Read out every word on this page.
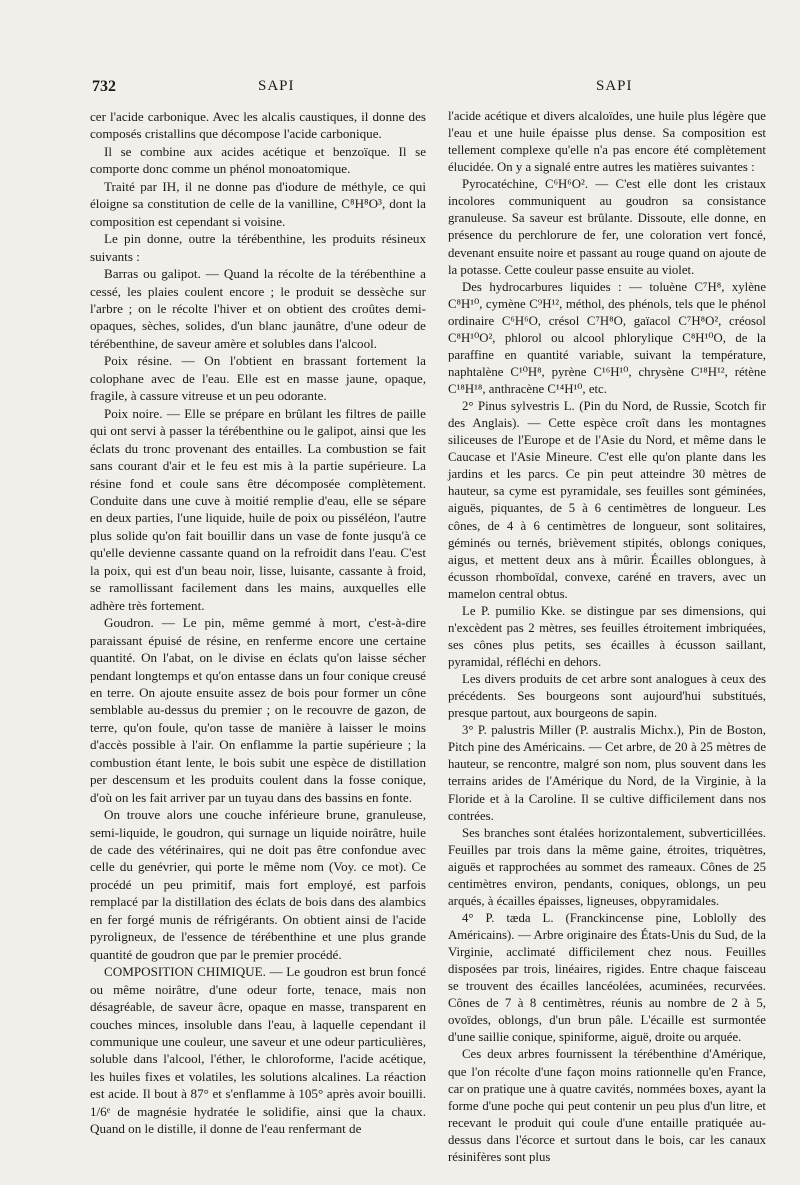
732	SAPI	SAPI

cer l'acide carbonique. Avec les alcalis caustiques, il donne des composés cristallins que décompose l'acide carbonique.

Il se combine aux acides acétique et benzoïque. Il se comporte donc comme un phénol monoatomique.

Traité par IH, il ne donne pas d'iodure de méthyle, ce qui éloigne sa constitution de celle de la vanilline, C⁸H⁸O³, dont la composition est cependant si voisine.

Le pin donne, outre la térébenthine, les produits résineux suivants :

Barras ou galipot. — Quand la récolte de la térébenthine a cessé, les plaies coulent encore ; le produit se dessèche sur l'arbre ; on le récolte l'hiver et on obtient des croûtes demi-opaques, sèches, solides, d'un blanc jaunâtre, d'une odeur de térébenthine, de saveur amère et solubles dans l'alcool.

Poix résine. — On l'obtient en brassant fortement la colophane avec de l'eau. Elle est en masse jaune, opaque, fragile, à cassure vitreuse et un peu odorante.

Poix noire. — Elle se prépare en brûlant les filtres de paille qui ont servi à passer la térébenthine ou le galipot, ainsi que les éclats du tronc provenant des entailles. La combustion se fait sans courant d'air et le feu est mis à la partie supérieure. La résine fond et coule sans être décomposée complètement. Conduite dans une cuve à moitié remplie d'eau, elle se sépare en deux parties, l'une liquide, huile de poix ou pisséléon, l'autre plus solide qu'on fait bouillir dans un vase de fonte jusqu'à ce qu'elle devienne cassante quand on la refroidit dans l'eau. C'est la poix, qui est d'un beau noir, lisse, luisante, cassante à froid, se ramollissant facilement dans les mains, auxquelles elle adhère très fortement.

Goudron. — Le pin, même gemmé à mort, c'est-à-dire paraissant épuisé de résine, en renferme encore une certaine quantité. On l'abat, on le divise en éclats qu'on laisse sécher pendant longtemps et qu'on entasse dans un four conique creusé en terre. On ajoute ensuite assez de bois pour former un cône semblable au-dessus du premier ; on le recouvre de gazon, de terre, qu'on foule, qu'on tasse de manière à laisser le moins d'accès possible à l'air. On enflamme la partie supérieure ; la combustion étant lente, le bois subit une espèce de distillation per descensum et les produits coulent dans la fosse conique, d'où on les fait arriver par un tuyau dans des bassins en fonte.

On trouve alors une couche inférieure brune, granuleuse, semi-liquide, le goudron, qui surnage un liquide noirâtre, huile de cade des vétérinaires, qui ne doit pas être confondue avec celle du genévrier, qui porte le même nom (Voy. ce mot). Ce procédé un peu primitif, mais fort employé, est parfois remplacé par la distillation des éclats de bois dans des alambics en fer forgé munis de réfrigérants. On obtient ainsi de l'acide pyroligneux, de l'essence de térébenthine et une plus grande quantité de goudron que par le premier procédé.

COMPOSITION CHIMIQUE. — Le goudron est brun foncé ou même noirâtre, d'une odeur forte, tenace, mais non désagréable, de saveur âcre, opaque en masse, transparent en couches minces, insoluble dans l'eau, à laquelle cependant il communique une couleur, une saveur et une odeur particulières, soluble dans l'alcool, l'éther, le chloroforme, l'acide acétique, les huiles fixes et volatiles, les solutions alcalines. La réaction est acide. Il bout à 87° et s'enflamme à 105° après avoir bouilli. 1/6ᵉ de magnésie hydratée le solidifie, ainsi que la chaux. Quand on le distille, il donne de l'eau renfermant de

l'acide acétique et divers alcaloïdes, une huile plus légère que l'eau et une huile épaisse plus dense. Sa composition est tellement complexe qu'elle n'a pas encore été complètement élucidée. On y a signalé entre autres les matières suivantes :

Pyrocatéchine, C⁶H⁶O². — C'est elle dont les cristaux incolores communiquent au goudron sa consistance granuleuse. Sa saveur est brûlante. Dissoute, elle donne, en présence du perchlorure de fer, une coloration vert foncé, devenant ensuite noire et passant au rouge quand on ajoute de la potasse. Cette couleur passe ensuite au violet.

Des hydrocarbures liquides : — toluène C⁷H⁸, xylène C⁸H¹⁰, cymène C⁹H¹², méthol, des phénols, tels que le phénol ordinaire C⁶H⁶O, crésol C⁷H⁸O, gaïacol C⁷H⁸O², créosol C⁸H¹⁰O², phlorol ou alcool phlorylique C⁸H¹⁰O, de la paraffine en quantité variable, suivant la température, naphtalène C¹⁰H⁸, pyrène C¹⁶H¹⁰, chrysène C¹⁸H¹², rétène C¹⁸H¹⁸, anthracène C¹⁴H¹⁰, etc.

2° Pinus sylvestris L. (Pin du Nord, de Russie, Scotch fir des Anglais). — Cette espèce croît dans les montagnes siliceuses de l'Europe et de l'Asie du Nord, et même dans le Caucase et l'Asie Mineure. C'est elle qu'on plante dans les jardins et les parcs. Ce pin peut atteindre 30 mètres de hauteur, sa cyme est pyramidale, ses feuilles sont géminées, aiguës, piquantes, de 5 à 6 centimètres de longueur. Les cônes, de 4 à 6 centimètres de longueur, sont solitaires, géminés ou ternés, brièvement stipités, oblongs coniques, aigus, et mettent deux ans à mûrir. Écailles oblongues, à écusson rhomboïdal, convexe, caréné en travers, avec un mamelon central obtus.

Le P. pumilio Kke. se distingue par ses dimensions, qui n'excèdent pas 2 mètres, ses feuilles étroitement imbriquées, ses cônes plus petits, ses écailles à écusson saillant, pyramidal, réfléchi en dehors.

Les divers produits de cet arbre sont analogues à ceux des précédents. Ses bourgeons sont aujourd'hui substitués, presque partout, aux bourgeons de sapin.

3° P. palustris Miller (P. australis Michx.), Pin de Boston, Pitch pine des Américains. — Cet arbre, de 20 à 25 mètres de hauteur, se rencontre, malgré son nom, plus souvent dans les terrains arides de l'Amérique du Nord, de la Virginie, à la Floride et à la Caroline. Il se cultive difficilement dans nos contrées.

Ses branches sont étalées horizontalement, subverticillées. Feuilles par trois dans la même gaine, étroites, triquètres, aiguës et rapprochées au sommet des rameaux. Cônes de 25 centimètres environ, pendants, coniques, oblongs, un peu arqués, à écailles épaisses, ligneuses, obpyramidales.

4° P. tæda L. (Franckincense pine, Loblolly des Américains). — Arbre originaire des États-Unis du Sud, de la Virginie, acclimaté difficilement chez nous. Feuilles disposées par trois, linéaires, rigides. Entre chaque faisceau se trouvent des écailles lancéolées, acuminées, recurvées. Cônes de 7 à 8 centimètres, réunis au nombre de 2 à 5, ovoïdes, oblongs, d'un brun pâle. L'écaille est surmontée d'une saillie conique, spiniforme, aiguë, droite ou arquée.

Ces deux arbres fournissent la térébenthine d'Amérique, que l'on récolte d'une façon moins rationnelle qu'en France, car on pratique une à quatre cavités, nommées boxes, ayant la forme d'une poche qui peut contenir un peu plus d'un litre, et recevant le produit qui coule d'une entaille pratiquée au-dessus dans l'écorce et surtout dans le bois, car les canaux résinifères sont plus
